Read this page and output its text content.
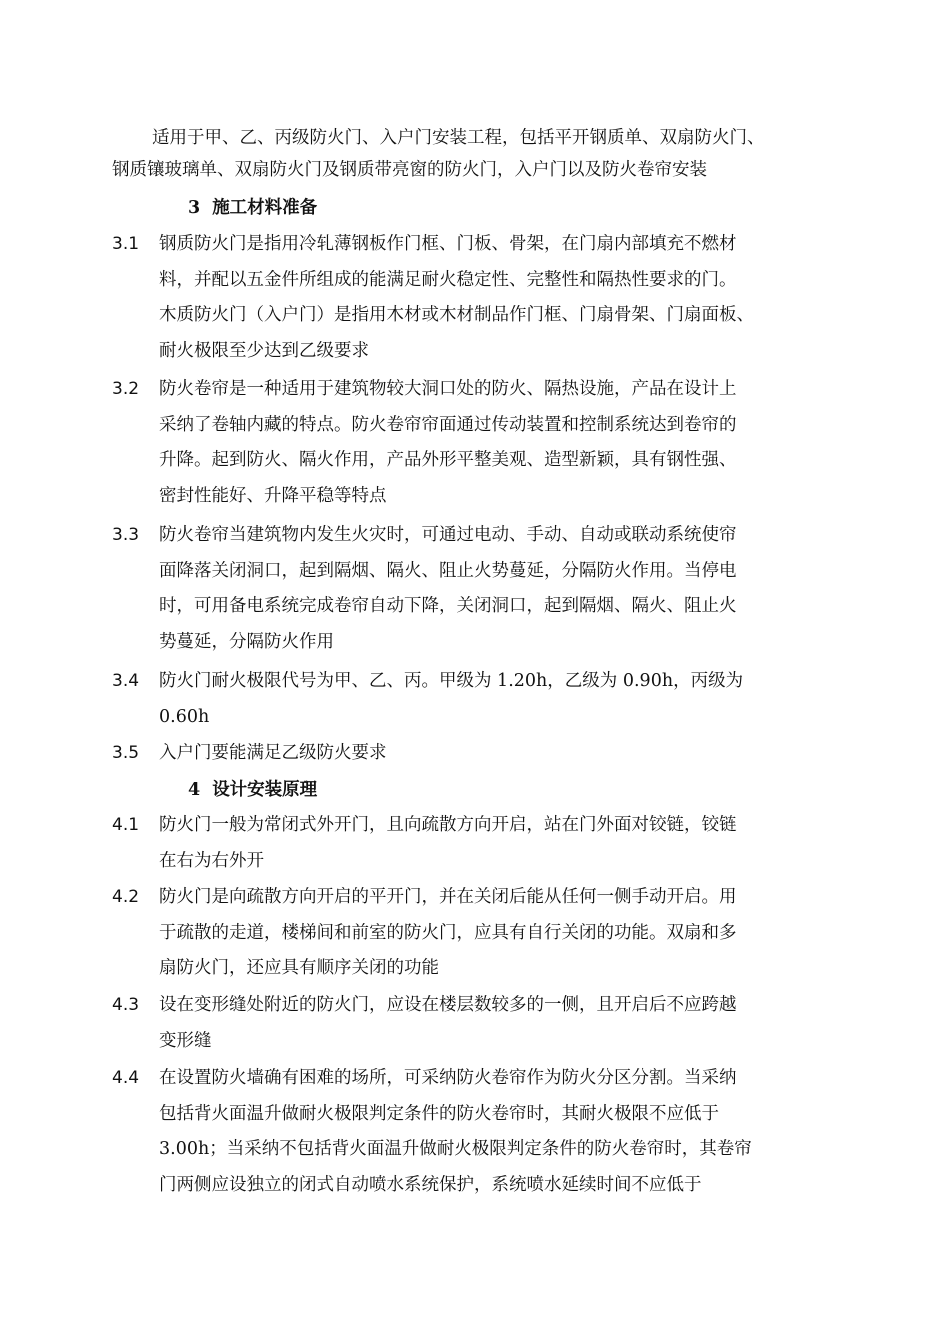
适用于甲、乙、丙级防火门、入户门安装工程，包括平开钢质单、双扇防火门、
钢质镶玻璃单、双扇防火门及钢质带亮窗的防火门，入户门以及防火卷帘安装
3 施工材料准备
3.1	钢质防火门是指用冷轧薄钢板作门框、门板、骨架，在门扇内部填充不燃材
料，并配以五金件所组成的能满足耐火稳定性、完整性和隔热性要求的门。
木质防火门（入户门）是指用木材或木材制品作门框、门扇骨架、门扇面板、
耐火极限至少达到乙级要求
3.2	防火卷帘是一种适用于建筑物较大洞口处的防火、隔热设施，产品在设计上
采纳了卷轴内藏的特点。防火卷帘帘面通过传动装置和控制系统达到卷帘的
升降。起到防火、隔火作用，产品外形平整美观、造型新颖，具有钢性强、
密封性能好、升降平稳等特点
3.3	防火卷帘当建筑物内发生火灾时，可通过电动、手动、自动或联动系统使帘
面降落关闭洞口，起到隔烟、隔火、阻止火势蔓延，分隔防火作用。当停电
时，可用备电系统完成卷帘自动下降，关闭洞口，起到隔烟、隔火、阻止火
势蔓延，分隔防火作用
3.4	防火门耐火极限代号为甲、乙、丙。甲级为 1.20h，乙级为 0.90h，丙级为
0.60h
3.5	入户门要能满足乙级防火要求
4 设计安装原理
4.1	防火门一般为常闭式外开门，且向疏散方向开启，站在门外面对铰链，铰链
在右为右外开
4.2	防火门是向疏散方向开启的平开门，并在关闭后能从任何一侧手动开启。用
于疏散的走道，楼梯间和前室的防火门，应具有自行关闭的功能。双扇和多
扇防火门，还应具有顺序关闭的功能
4.3	设在变形缝处附近的防火门，应设在楼层数较多的一侧，且开启后不应跨越
变形缝
4.4	在设置防火墙确有困难的场所，可采纳防火卷帘作为防火分区分割。当采纳
包括背火面温升做耐火极限判定条件的防火卷帘时，其耐火极限不应低于
3.00h；当采纳不包括背火面温升做耐火极限判定条件的防火卷帘时，其卷帘
门两侧应设独立的闭式自动喷水系统保护，系统喷水延续时间不应低于
